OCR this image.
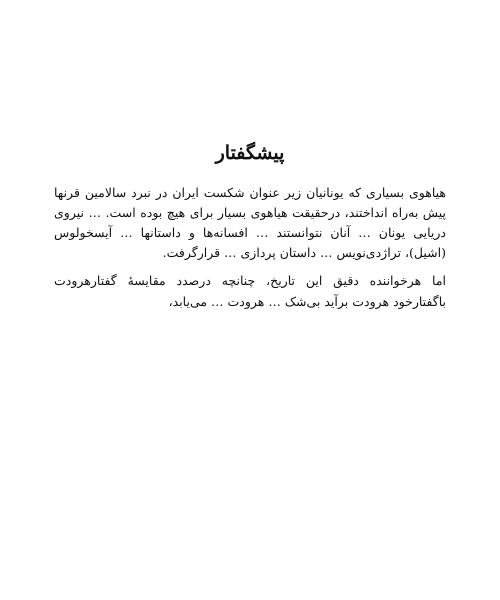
پیشگفتار

هیاهوی بسیاری که یونانیان زیر عنوان شکست ایران در نبرد سالامین قرنها پیش به‌راه انداختند، درحقیقت هیاهوی بسیار برای هیچ بوده است. … نیروی دریایی یونان … آنان نتوانستند … افسانه‌ها و داستانها … آیسخولوس (اشیل)، تراژدی‌نویس … داستان پردازی … قرارگرفت.

اما هرخواننده دقیق این تاریخ، چنانچه درصدد مقایسهٔ گفتارهرودت باگفتارخود هرودت برآید بی‌شک … هرودت … می‌یابد،
